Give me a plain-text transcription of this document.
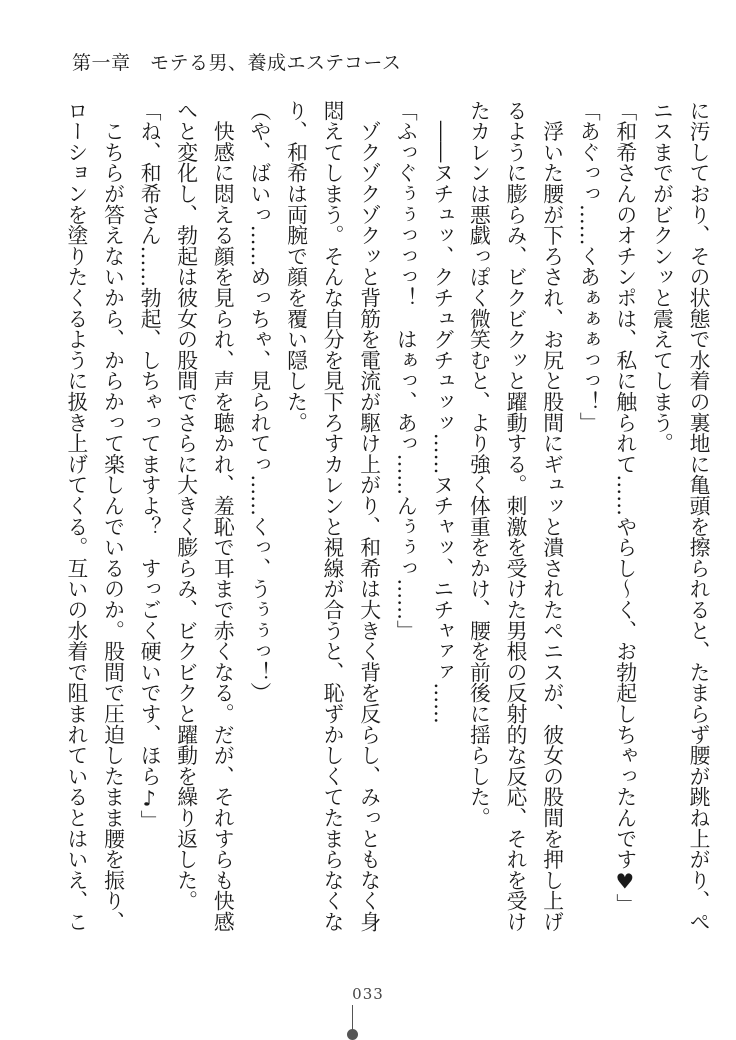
第一章　モテる男、養成エステコース
に汚しており、その状態で水着の裏地に亀頭を擦られると、たまらず腰が跳ね上がり、ぺ
ニスまでがビクンッと震えてしまう。
「和希さんのオチンポは、私に触られて……やらし～く、お勃起しちゃったんです♥」
「あぐっっ……くあぁぁぁっっ！」
　浮いた腰が下ろされ、お尻と股間にギュッと潰されたペニスが、彼女の股間を押し上げ
るように膨らみ、ビクビクッと躍動する。刺激を受けた男根の反射的な反応、それを受け
たカレンは悪戯っぽく微笑むと、より強く体重をかけ、腰を前後に揺らした。
　――ヌチュッ、クチュグチュッッ……ヌチャッ、ニチャァァ……
「ふっぐぅぅっっっ！　はぁっ、あっ……んぅぅっ……」
　ゾクゾクゾクッと背筋を電流が駆け上がり、和希は大きく背を反らし、みっともなく身
悶えてしまう。そんな自分を見下ろすカレンと視線が合うと、恥ずかしくてたまらなくな
り、和希は両腕で顔を覆い隠した。
（や、ばいっ……めっちゃ、見られてっ……くっ、うぅぅっ！）
　快感に悶える顔を見られ、声を聴かれ、羞恥で耳まで赤くなる。だが、それすらも快感
へと変化し、勃起は彼女の股間でさらに大きく膨らみ、ビクビクと躍動を繰り返した。
「ね、和希さん……勃起、しちゃってますよ？　すっごく硬いです、ほら♪」
　こちらが答えないから、からかって楽しんでいるのか。股間で圧迫したまま腰を振り、
ローションを塗りたくるように扱き上げてくる。互いの水着で阻まれているとはいえ、こ
033
